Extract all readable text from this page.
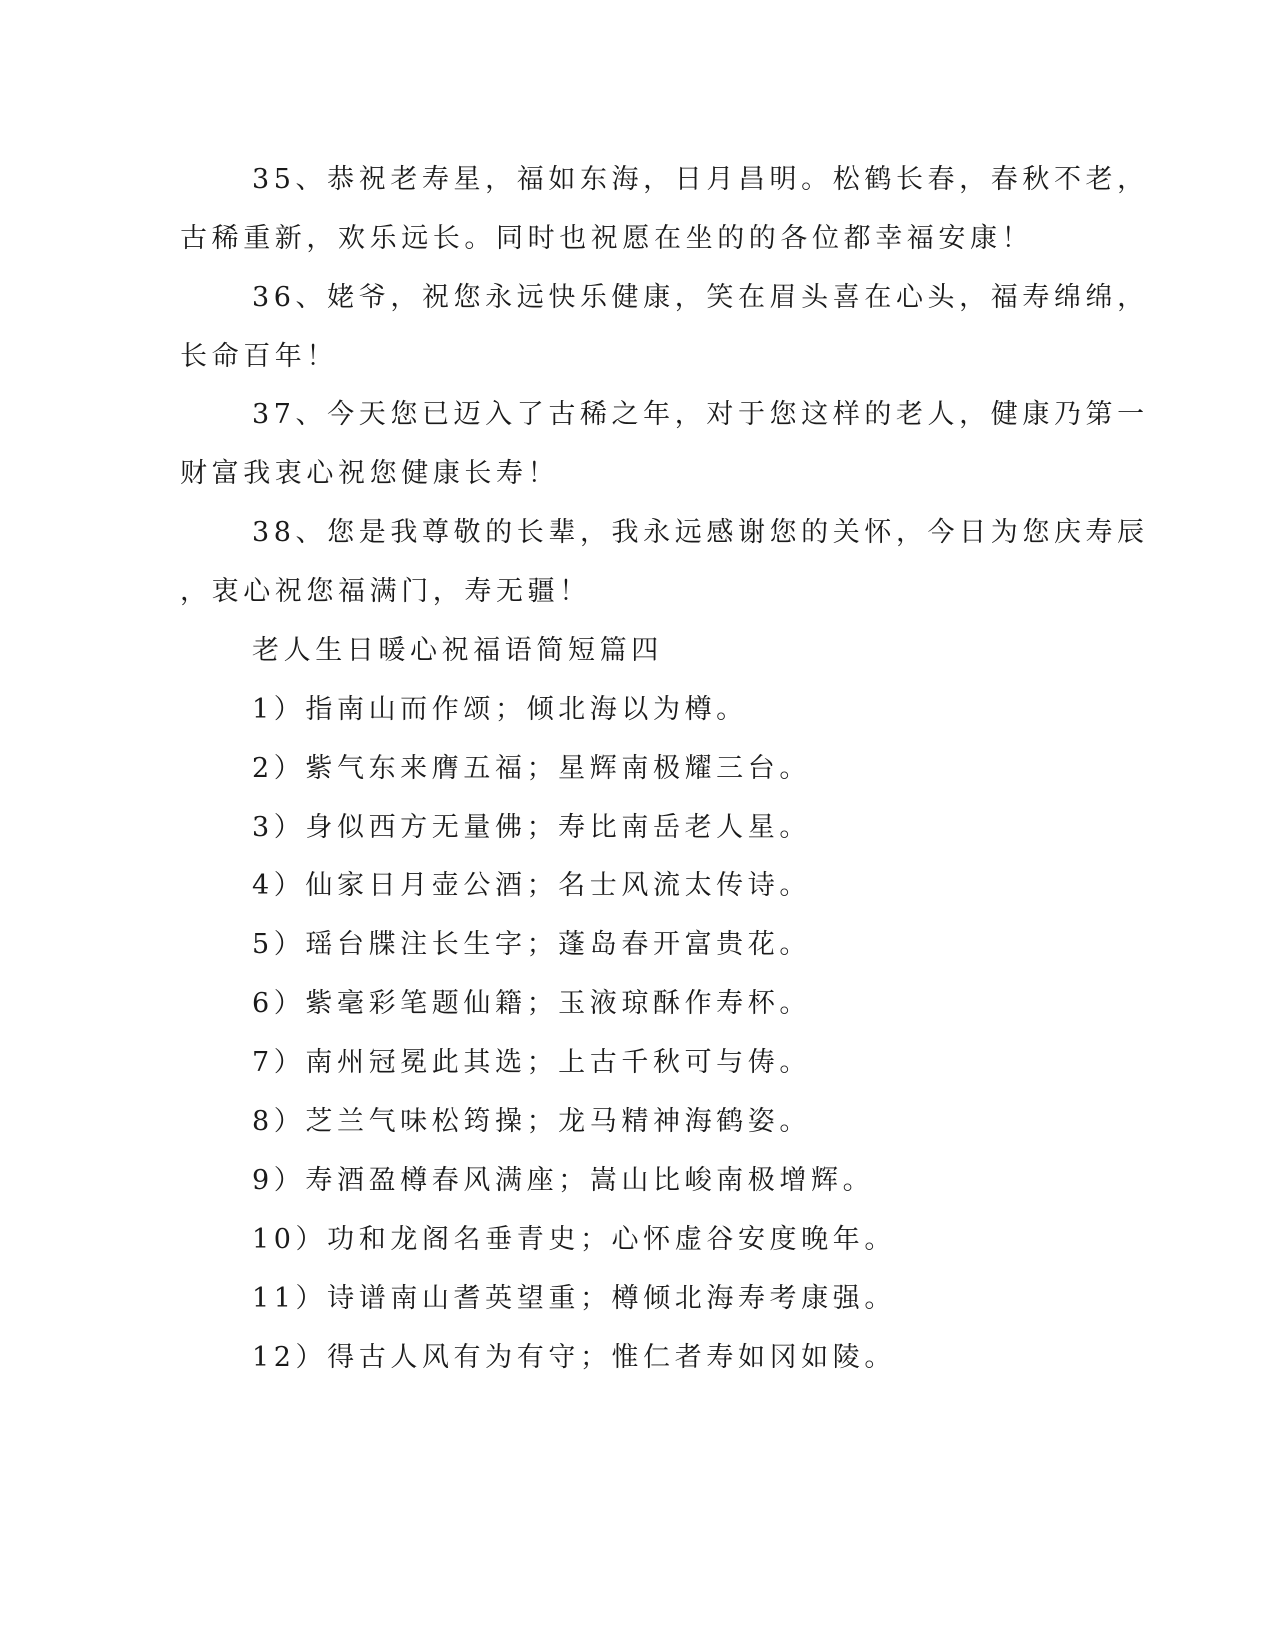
35、恭祝老寿星，福如东海，日月昌明。松鹤长春，春秋不老，
古稀重新，欢乐远长。同时也祝愿在坐的的各位都幸福安康！
36、姥爷，祝您永远快乐健康，笑在眉头喜在心头，福寿绵绵，
长命百年！
37、今天您已迈入了古稀之年，对于您这样的老人，健康乃第一
财富我衷心祝您健康长寿！
38、您是我尊敬的长辈，我永远感谢您的关怀，今日为您庆寿辰
，衷心祝您福满门，寿无疆！
老人生日暖心祝福语简短篇四
1）指南山而作颂；倾北海以为樽。
2）紫气东来膺五福；星辉南极耀三台。
3）身似西方无量佛；寿比南岳老人星。
4）仙家日月壶公酒；名士风流太传诗。
5）瑶台牒注长生字；蓬岛春开富贵花。
6）紫毫彩笔题仙籍；玉液琼酥作寿杯。
7）南州冠冕此其选；上古千秋可与俦。
8）芝兰气味松筠操；龙马精神海鹤姿。
9）寿酒盈樽春风满座；嵩山比峻南极增辉。
10）功和龙阁名垂青史；心怀虚谷安度晚年。
11）诗谱南山耆英望重；樽倾北海寿考康强。
12）得古人风有为有守；惟仁者寿如冈如陵。
